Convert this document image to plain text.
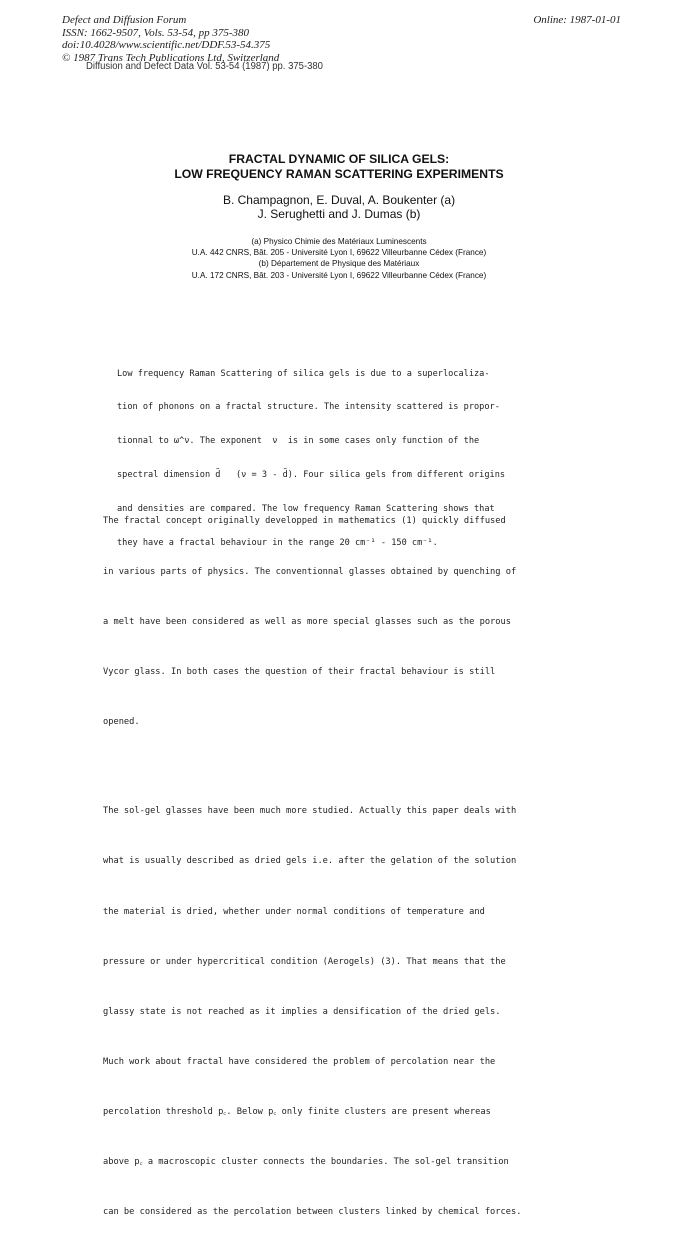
Defect and Diffusion Forum
ISSN: 1662-9507, Vols. 53-54, pp 375-380
doi:10.4028/www.scientific.net/DDF.53-54.375
© 1987 Trans Tech Publications Ltd, Switzerland
Online: 1987-01-01
Diffusion and Defect Data Vol. 53-54 (1987) pp. 375-380
FRACTAL DYNAMIC OF SILICA GELS:
LOW FREQUENCY RAMAN SCATTERING EXPERIMENTS
B. Champagnon, E. Duval, A. Boukenter (a)
J. Serughetti and J. Dumas (b)
(a) Physico Chimie des Matériaux Luminescents
U.A. 442 CNRS, Bât. 205 - Université Lyon I, 69622 Villeurbanne Cédex (France)
(b) Département de Physique des Matériaux
U.A. 172 CNRS, Bât. 203 - Université Lyon I, 69622 Villeurbanne Cédex (France)

Low frequency Raman Scattering of silica gels is due to a superlocaliza-

tion of phonons on a fractal structure. The intensity scattered is propor-

tionnal to ω^ν. The exponent  ν  is in some cases only function of the

spectral dimension d̃   (ν = 3 - d̃). Four silica gels from different origins

and densities are compared. The low frequency Raman Scattering shows that

they have a fractal behaviour in the range 20 cm⁻¹ - 150 cm⁻¹.

The fractal concept originally developped in mathematics (1) quickly diffused

in various parts of physics. The conventionnal glasses obtained by quenching of

a melt have been considered as well as more special glasses such as the porous

Vycor glass. In both cases the question of their fractal behaviour is still

opened.

The sol-gel glasses have been much more studied. Actually this paper deals with

what is usually described as dried gels i.e. after the gelation of the solution

the material is dried, whether under normal conditions of temperature and

pressure or under hypercritical condition (Aerogels) (3). That means that the

glassy state is not reached as it implies a densification of the dried gels.

Much work about fractal have considered the problem of percolation near the

percolation threshold p꜀. Below p꜀ only finite clusters are present whereas

above p꜀ a macroscopic cluster connects the boundaries. The sol-gel transition

can be considered as the percolation between clusters linked by chemical forces.
